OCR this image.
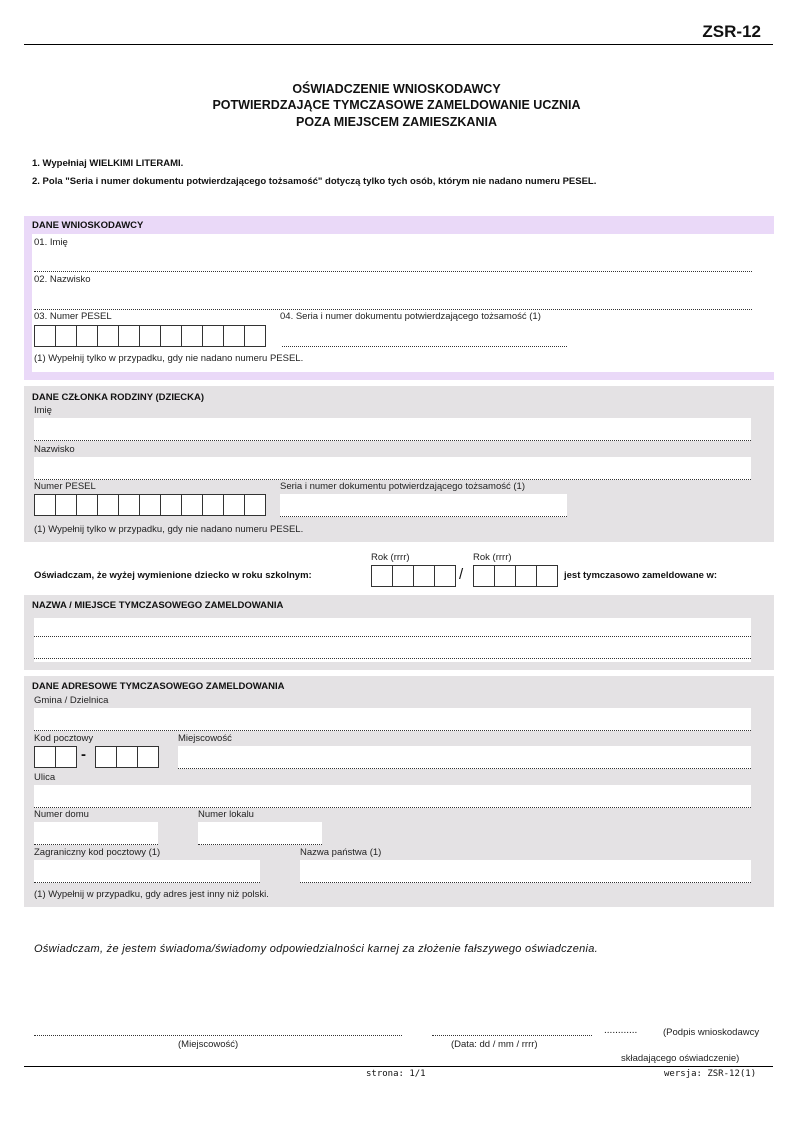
ZSR-12
OŚWIADCZENIE WNIOSKODAWCY
POTWIERDZAJĄCE TYMCZASOWE ZAMELDOWANIE UCZNIA
POZA MIEJSCEM ZAMIESZKANIA
1. Wypełniaj WIELKIMI LITERAMI.
2. Pola "Seria i numer dokumentu potwierdzającego tożsamość" dotyczą tylko tych osób, którym nie nadano numeru PESEL.
DANE WNIOSKODAWCY
01. Imię
02. Nazwisko
03. Numer PESEL	04. Seria i numer dokumentu potwierdzającego tożsamość (1)
(1) Wypełnij tylko w przypadku, gdy nie nadano numeru PESEL.
DANE CZŁONKA RODZINY (DZIECKA)
Imię
Nazwisko
Numer PESEL	Seria i numer dokumentu potwierdzającego tożsamość (1)
(1) Wypełnij tylko w przypadku, gdy nie nadano numeru PESEL.
Rok (rrrr)	Rok (rrrr)
Oświadczam, że wyżej wymienione dziecko w roku szkolnym:	/	jest tymczasowo zameldowane w:
NAZWA / MIEJSCE TYMCZASOWEGO ZAMELDOWANIA
DANE ADRESOWE TYMCZASOWEGO ZAMELDOWANIA
Gmina / Dzielnica
Kod pocztowy
-
Miejscowość
Ulica
Numer domu	Numer lokalu
Zagraniczny kod pocztowy (1)	Nazwa państwa (1)
(1) Wypełnij w przypadku, gdy adres jest inny niż polski.
Oświadczam, że jestem świadoma/świadomy odpowiedzialności karnej za złożenie fałszywego oświadczenia.
(Miejscowość)	(Data: dd / mm / rrrr)
............	(Podpis wnioskodawcy
składającego oświadczenie)
strona: 1/1	wersja: ZSR-12(1)
